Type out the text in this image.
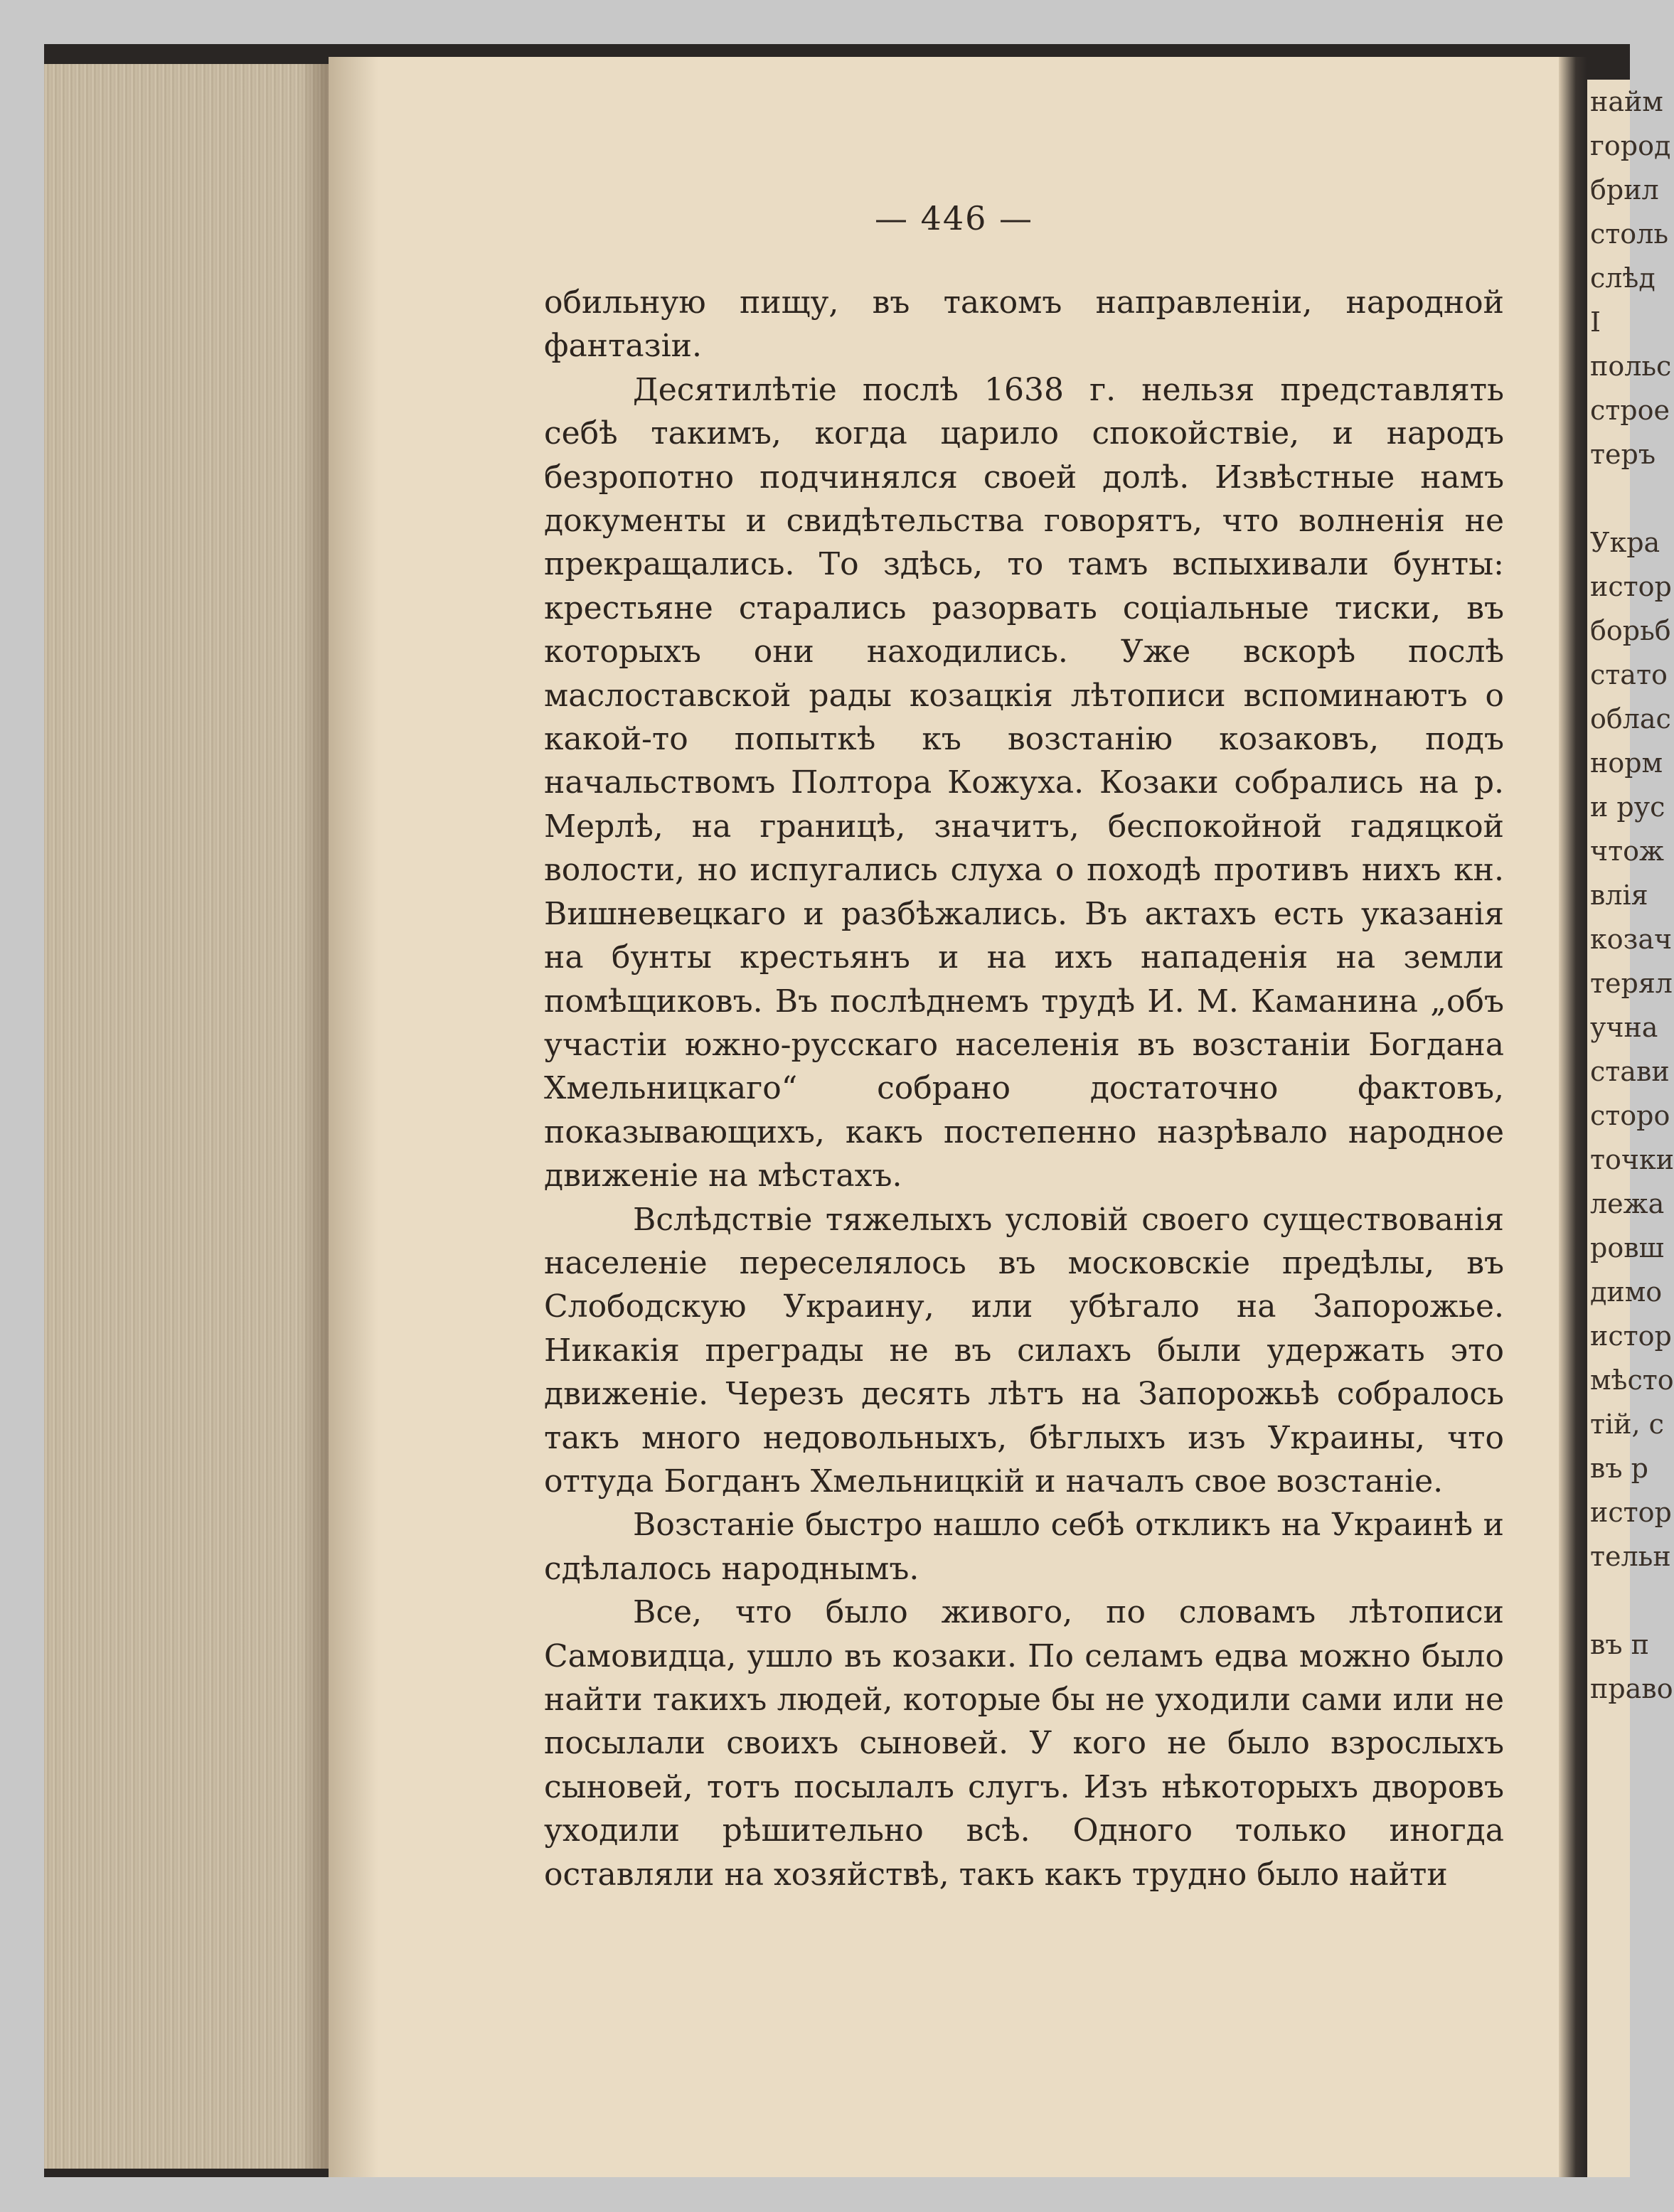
найм
город
брил
столь
слѣд
І
польс
строе
теръ

Укра
истор
борьб
стато
облас
норм
и рус
чтож
влія
козач
терял
учна
стави
сторо
точки
лежа
ровш
димо
истор
мѣсто
тій, с
въ р
истор
тельн

въ п
право
— 446 —

обильную пищу, въ такомъ направленіи, народной фантазіи.

Десятилѣтіе послѣ 1638 г. нельзя представлять себѣ такимъ, когда царило спокойствіе, и народъ безропотно подчинялся своей долѣ. Извѣстные намъ документы и свидѣтельства говорятъ, что волненія не прекращались. То здѣсь, то тамъ вспыхивали бунты: крестьяне старались разорвать соціальные тиски, въ которыхъ они находились. Уже вскорѣ послѣ маслоставской рады козацкія лѣтописи вспоминаютъ о какой-то попыткѣ къ возстанію козаковъ, подъ начальствомъ Полтора Кожуха. Козаки собрались на р. Мерлѣ, на границѣ, значитъ, беспокойной гадяцкой волости, но испугались слуха о походѣ противъ нихъ кн. Вишневецкаго и разбѣжались. Въ актахъ есть указанія на бунты крестьянъ и на ихъ нападенія на земли помѣщиковъ. Въ послѣднемъ трудѣ И. М. Каманина „объ участіи южно-русскаго населенія въ возстаніи Богдана Хмельницкаго“ собрано достаточно фактовъ, показывающихъ, какъ постепенно назрѣвало народное движеніе на мѣстахъ.

Вслѣдствіе тяжелыхъ условій своего существованія населеніе переселялось въ московскіе предѣлы, въ Слободскую Украину, или убѣгало на Запорожье. Никакія преграды не въ силахъ были удержать это движеніе. Черезъ десять лѣтъ на Запорожьѣ собралось такъ много недовольныхъ, бѣглыхъ изъ Украины, что оттуда Богданъ Хмельницкій и началъ свое возстаніе.

Возстаніе быстро нашло себѣ откликъ на Украинѣ и сдѣлалось народнымъ.

Все, что было живого, по словамъ лѣтописи Самовидца, ушло въ козаки. По селамъ едва можно было найти такихъ людей, которые бы не уходили сами или не посылали своихъ сыновей. У кого не было взрослыхъ сыновей, тотъ посылалъ слугъ. Изъ нѣкоторыхъ дворовъ уходили рѣшительно всѣ. Одного только иногда оставляли на хозяйствѣ, такъ какъ трудно было найти
